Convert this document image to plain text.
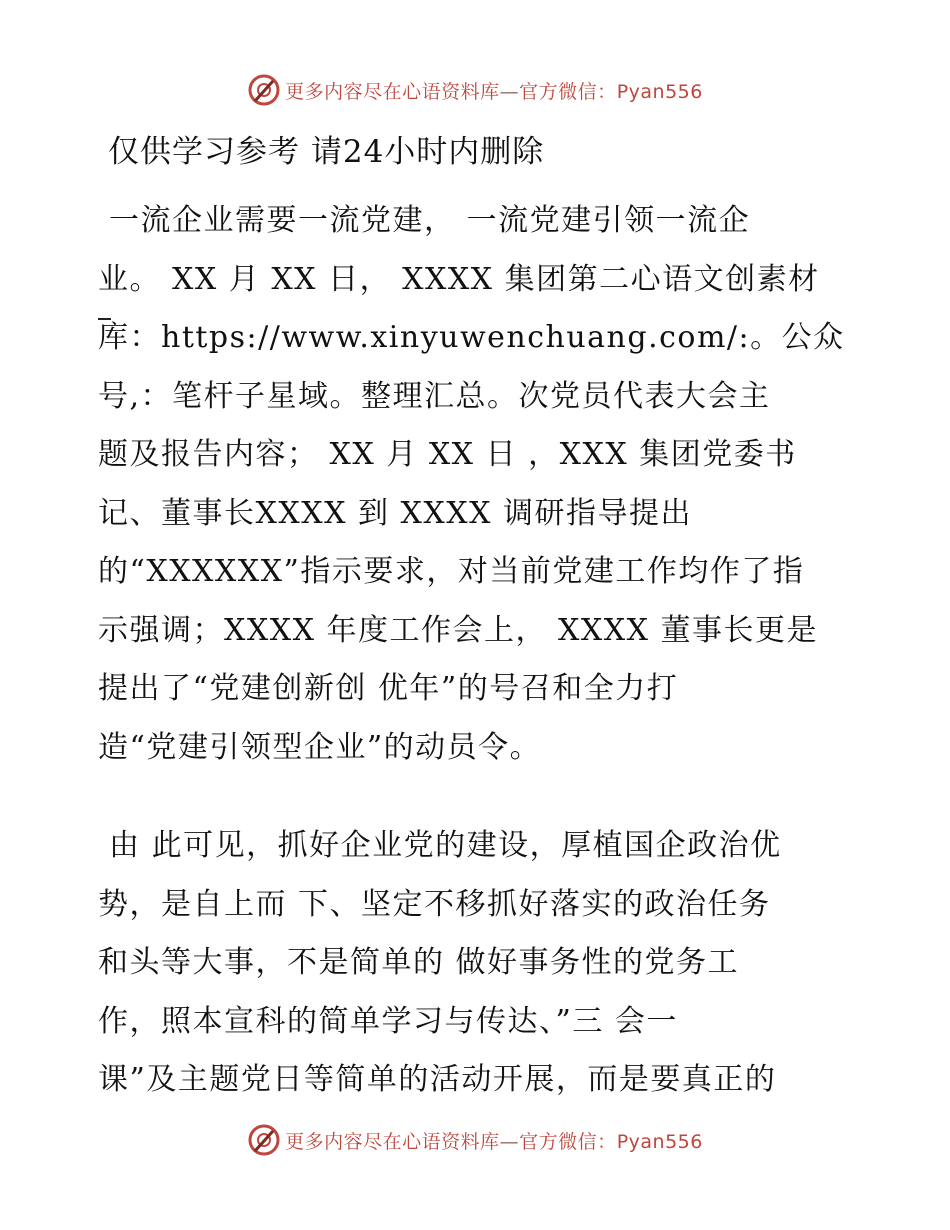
更多内容尽在心语资料库—官方微信：Pyan556
仅供学习参考 请24小时内删除
一流企业需要一流党建， 一流党建引领一流企
业。 XX 月 XX 日， XXXX 集团第二心语文创素材
库：https://www.xinyuwenchuang.com/:。公众
号,：笔杆子星域。整理汇总。次党员代表大会主
题及报告内容； XX 月 XX 日 ，XXX 集团党委书
记、董事长XXXX 到 XXXX 调研指导提出
的“XXXXXX”指示要求，对当前党建工作均作了指
示强调；XXXX 年度工作会上， XXXX 董事长更是
提出了“党建创新创 优年”的号召和全力打
造“党建引领型企业”的动员令。
由 此可见，抓好企业党的建设，厚植国企政治优
势，是自上而 下、坚定不移抓好落实的政治任务
和头等大事，不是简单的 做好事务性的党务工
作，照本宣科的简单学习与传达、”三 会一
课”及主题党日等简单的活动开展，而是要真正的
更多内容尽在心语资料库—官方微信：Pyan556
